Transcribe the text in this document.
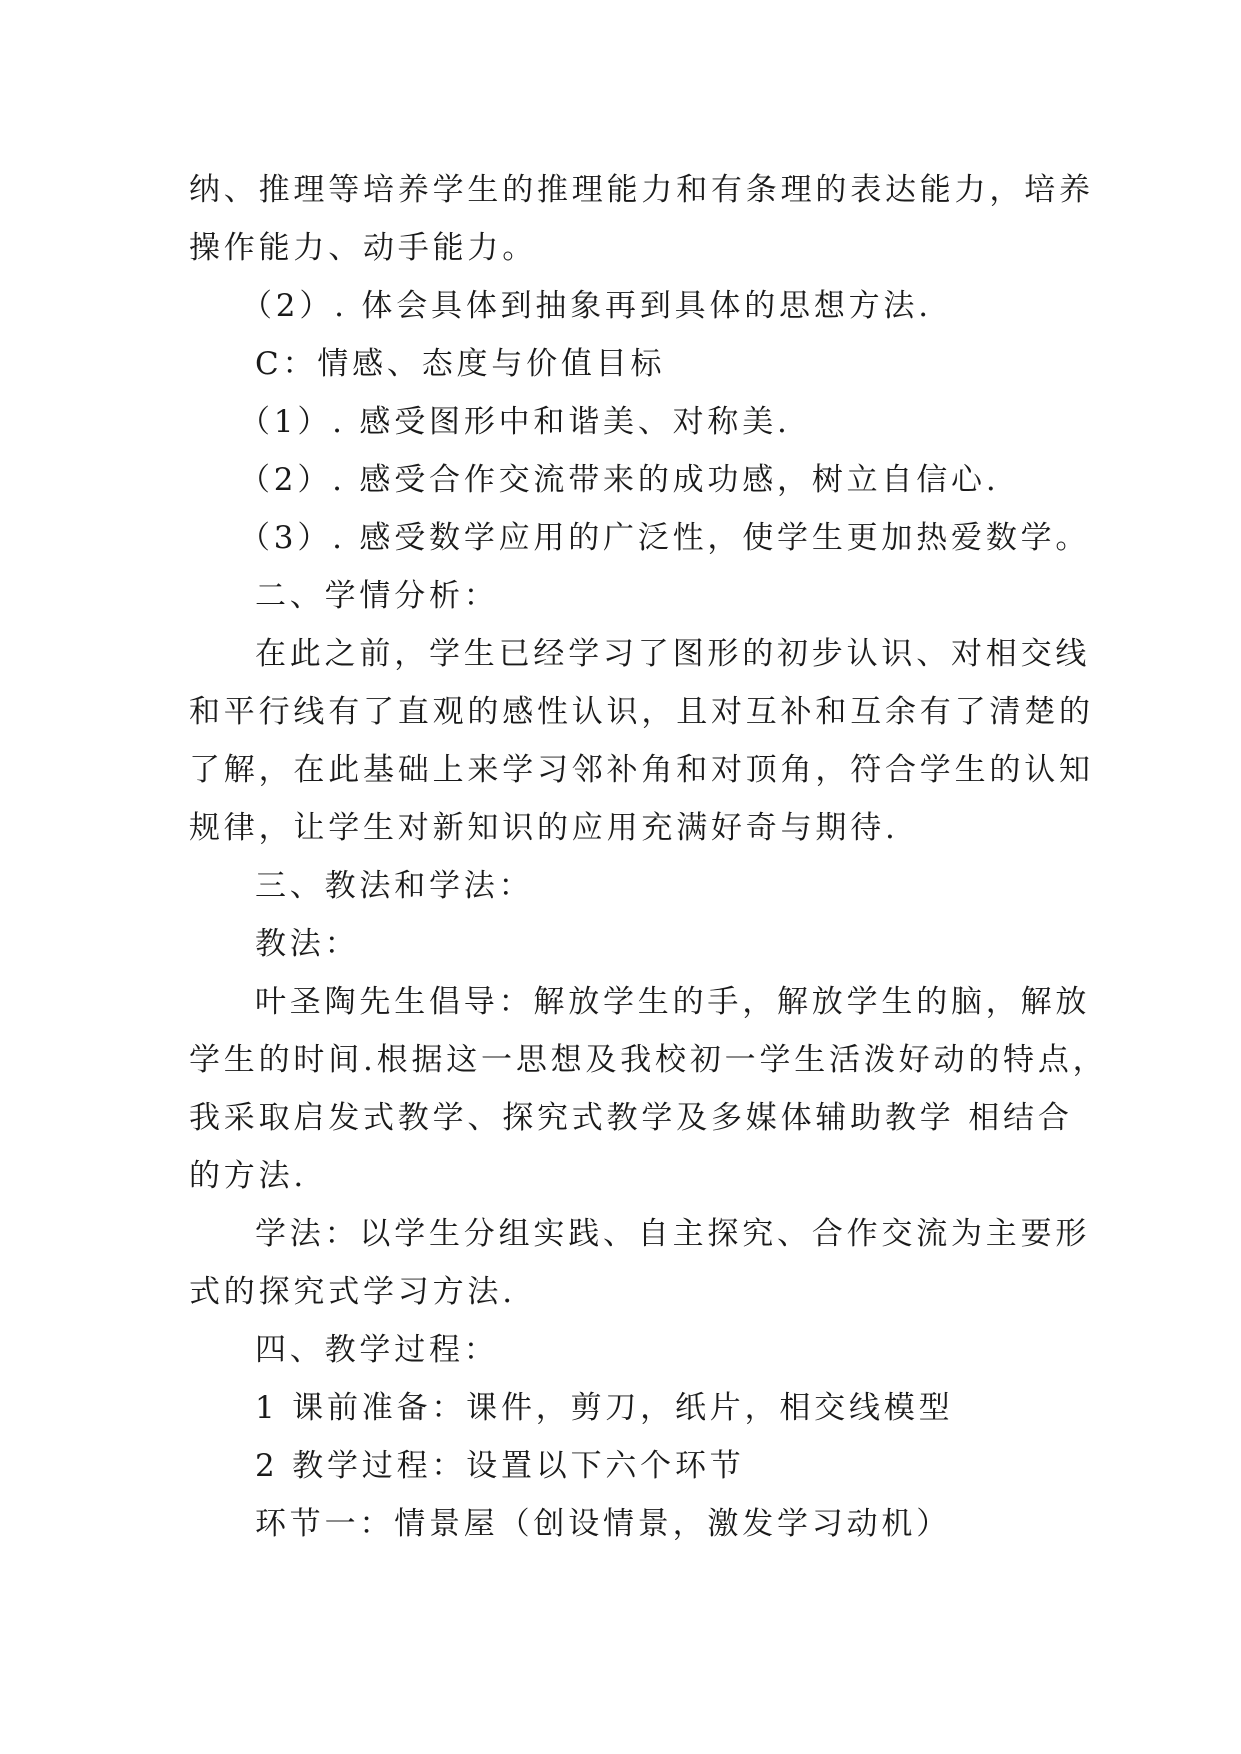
纳、推理等培养学生的推理能力和有条理的表达能力，培养
操作能力、动手能力。
（2）. 体会具体到抽象再到具体的思想方法.
C：情感、态度与价值目标
（1）. 感受图形中和谐美、对称美.
（2）. 感受合作交流带来的成功感，树立自信心.
（3）. 感受数学应用的广泛性，使学生更加热爱数学。
二、学情分析：
在此之前，学生已经学习了图形的初步认识、对相交线
和平行线有了直观的感性认识，且对互补和互余有了清楚的
了解，在此基础上来学习邻补角和对顶角，符合学生的认知
规律，让学生对新知识的应用充满好奇与期待.
三、教法和学法：
教法：
叶圣陶先生倡导：解放学生的手，解放学生的脑，解放
学生的时间.根据这一思想及我校初一学生活泼好动的特点，
我采取启发式教学、探究式教学及多媒体辅助教学 相结合
的方法.
学法：以学生分组实践、自主探究、合作交流为主要形
式的探究式学习方法.
四、教学过程：
1 课前准备：课件，剪刀，纸片，相交线模型
2 教学过程：设置以下六个环节
环节一：情景屋（创设情景，激发学习动机）
